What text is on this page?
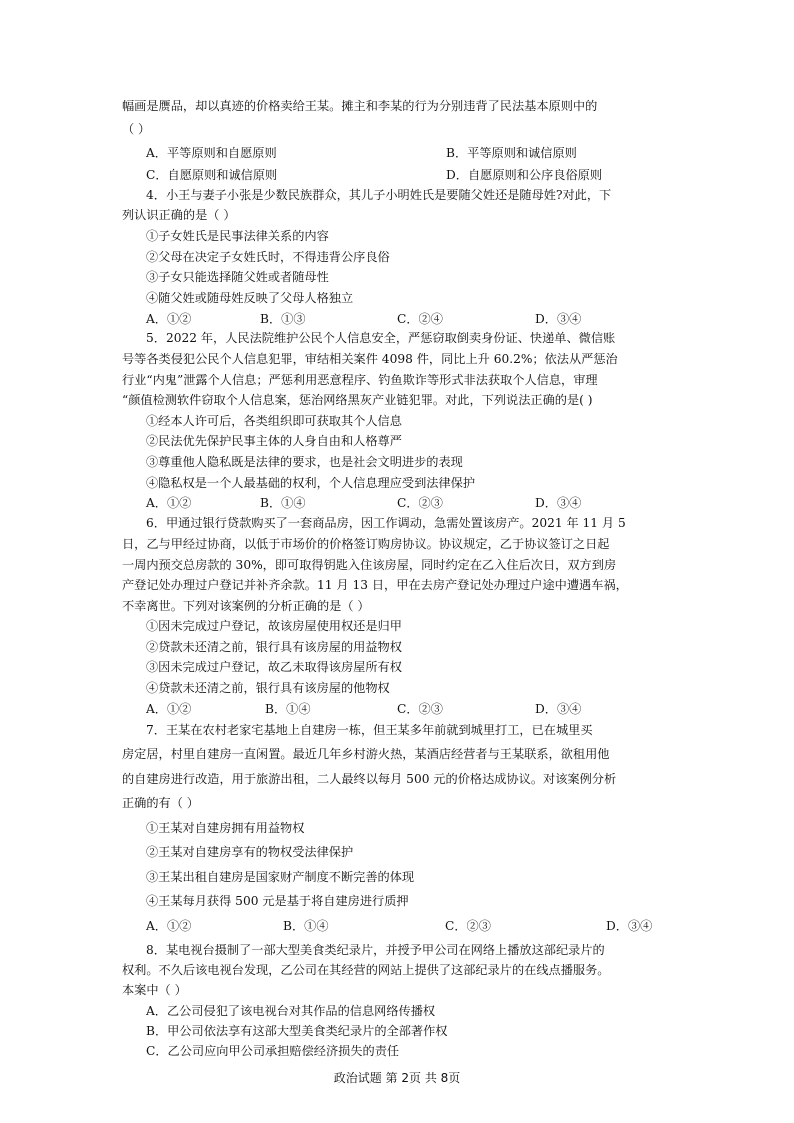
幅画是赝品，却以真迹的价格卖给王某。摊主和李某的行为分别违背了民法基本原则中的
（ ）
A．平等原则和自愿原则	B．平等原则和诚信原则
C．自愿原则和诚信原则	D．自愿原则和公序良俗原则
4．小王与妻子小张是少数民族群众，其儿子小明姓氏是要随父姓还是随母姓?对此，下
列认识正确的是（ ）
①子女姓氏是民事法律关系的内容
②父母在决定子女姓氏时，不得违背公序良俗
③子女只能选择随父姓或者随母性
④随父姓或随母姓反映了父母人格独立
A．①②	B．①③	C．②④	D．③④
5．2022 年，人民法院维护公民个人信息安全，严惩窃取倒卖身份证、快递单、微信账
号等各类侵犯公民个人信息犯罪，审结相关案件 4098 件，同比上升 60.2%；依法从严惩治
行业“内鬼”泄露个人信息；严惩利用恶意程序、钓鱼欺诈等形式非法获取个人信息，审理
“颜值检测软件窃取个人信息案，惩治网络黑灰产业链犯罪。对此，下列说法正确的是( )
①经本人许可后，各类组织即可获取其个人信息
②民法优先保护民事主体的人身自由和人格尊严
③尊重他人隐私既是法律的要求，也是社会文明进步的表现
④隐私权是一个人最基础的权利，个人信息理应受到法律保护
A．①②	B．①④	C．②③	D．③④
6．甲通过银行贷款购买了一套商品房，因工作调动，急需处置该房产。2021 年 11 月 5
日，乙与甲经过协商，以低于市场价的价格签订购房协议。协议规定，乙于协议签订之日起
一周内预交总房款的 30%，即可取得钥匙入住该房屋，同时约定在乙入住后次日，双方到房
产登记处办理过户登记并补齐余款。11 月 13 日，甲在去房产登记处办理过户途中遭遇车祸，
不幸离世。下列对该案例的分析正确的是（ ）
①因未完成过户登记，故该房屋使用权还是归甲
②贷款未还清之前，银行具有该房屋的用益物权
③因未完成过户登记，故乙未取得该房屋所有权
④贷款未还清之前，银行具有该房屋的他物权
A．①②	B．①④	C．②③	D．③④
7．王某在农村老家宅基地上自建房一栋，但王某多年前就到城里打工，已在城里买
房定居，村里自建房一直闲置。最近几年乡村游火热，某酒店经营者与王某联系，欲租用他
的自建房进行改造，用于旅游出租，二人最终以每月 500 元的价格达成协议。对该案例分析
正确的有（ ）
①王某对自建房拥有用益物权
②王某对自建房享有的物权受法律保护
③王某出租自建房是国家财产制度不断完善的体现
④王某每月获得 500 元是基于将自建房进行质押
A．①②	B．①④	C．②③	D．③④
8．某电视台摄制了一部大型美食类纪录片，并授予甲公司在网络上播放这部纪录片的
权利。不久后该电视台发现，乙公司在其经营的网站上提供了这部纪录片的在线点播服务。
本案中（ ）
A．乙公司侵犯了该电视台对其作品的信息网络传播权
B．甲公司依法享有这部大型美食类纪录片的全部著作权
C．乙公司应向甲公司承担赔偿经济损失的责任
政治试题 第 2页 共 8页
